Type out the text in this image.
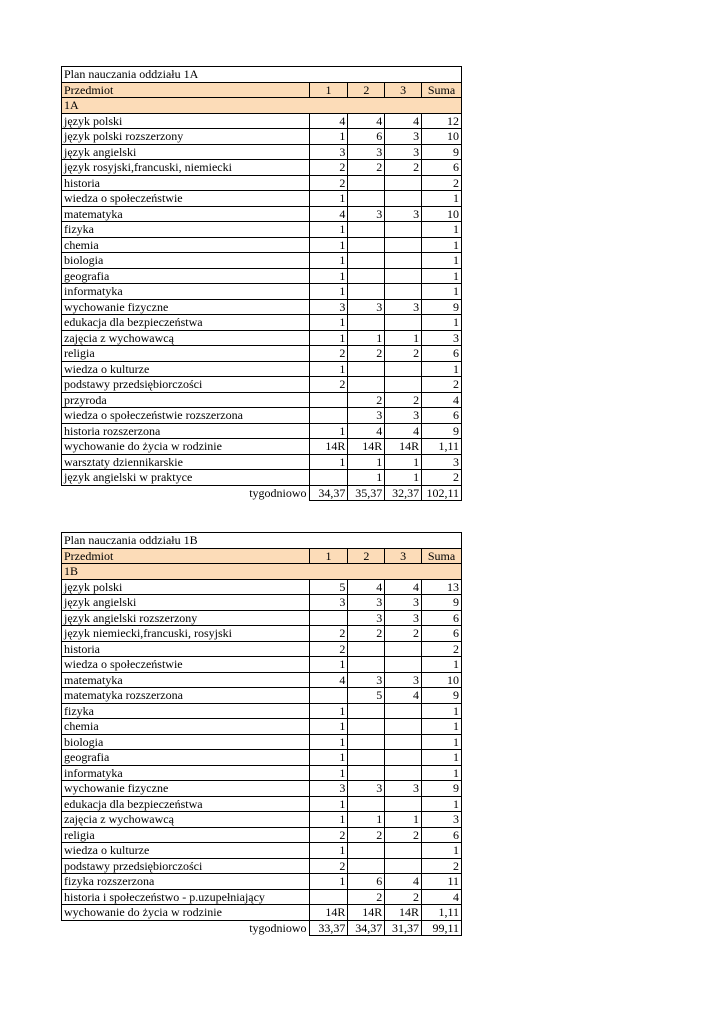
Plan nauczania oddziału 1A				
Przedmiot	1	2	3	Suma
1A				
język polski	4	4	4	12
język polski rozszerzony	1	6	3	10
język angielski	3	3	3	9
język rosyjski,francuski, niemiecki	2	2	2	6
historia	2			2
wiedza o społeczeństwie	1			1
matematyka	4	3	3	10
fizyka	1			1
chemia	1			1
biologia	1			1
geografia	1			1
informatyka	1			1
wychowanie fizyczne	3	3	3	9
edukacja dla bezpieczeństwa	1			1
zajęcia z wychowawcą	1	1	1	3
religia	2	2	2	6
wiedza o kulturze	1			1
podstawy przedsiębiorczości	2			2
przyroda		2	2	4
wiedza o społeczeństwie rozszerzona		3	3	6
historia rozszerzona	1	4	4	9
wychowanie do życia w rodzinie	14R	14R	14R	1,11
warsztaty dziennikarskie	1	1	1	3
język angielski w praktyce		1	1	2
tygodniowo	34,37	35,37	32,37	102,11
Plan nauczania oddziału 1B				
Przedmiot	1	2	3	Suma
1B				
język polski	5	4	4	13
język angielski	3	3	3	9
język angielski rozszerzony		3	3	6
język niemiecki,francuski, rosyjski	2	2	2	6
historia	2			2
wiedza o społeczeństwie	1			1
matematyka	4	3	3	10
matematyka rozszerzona		5	4	9
fizyka	1			1
chemia	1			1
biologia	1			1
geografia	1			1
informatyka	1			1
wychowanie fizyczne	3	3	3	9
edukacja dla bezpieczeństwa	1			1
zajęcia z wychowawcą	1	1	1	3
religia	2	2	2	6
wiedza o kulturze	1			1
podstawy przedsiębiorczości	2			2
fizyka rozszerzona	1	6	4	11
historia i społeczeństwo - p.uzupełniający		2	2	4
wychowanie do życia w rodzinie	14R	14R	14R	1,11
tygodniowo	33,37	34,37	31,37	99,11
